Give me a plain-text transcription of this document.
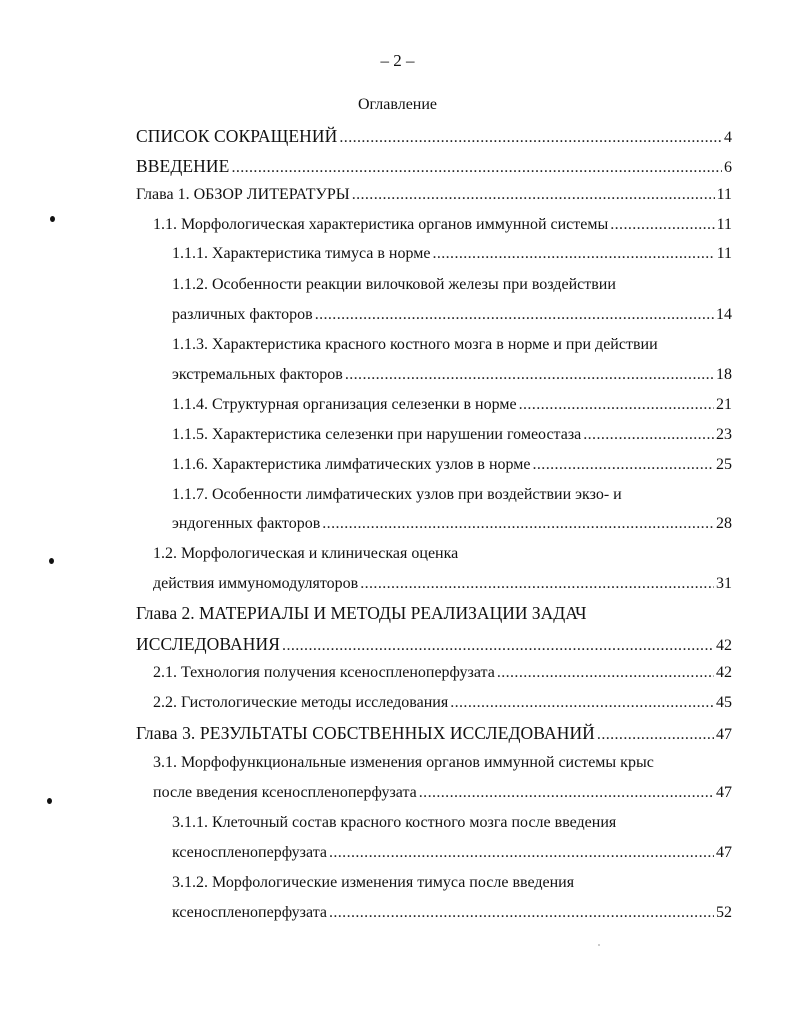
– 2 –
Оглавление
СПИСОК СОКРАЩЕНИЙ .....	4
ВВЕДЕНИЕ .....	6
Глава 1. ОБЗОР ЛИТЕРАТУРЫ .....	11
1.1. Морфологическая характеристика органов иммунной системы .....	11
1.1.1. Характеристика тимуса в норме .....	11
1.1.2. Особенности реакции вилочковой железы при воздействии
различных факторов .....	14
1.1.3. Характеристика красного костного мозга в норме и при действии
экстремальных факторов .....	18
1.1.4. Структурная организация селезенки в норме .....	21
1.1.5. Характеристика селезенки при нарушении гомеостаза .....	23
1.1.6. Характеристика лимфатических узлов в норме .....	25
1.1.7. Особенности лимфатических узлов при воздействии экзо- и
эндогенных факторов .....	28
1.2. Морфологическая и клиническая оценка
действия иммуномодуляторов .....	31
Глава 2. МАТЕРИАЛЫ И МЕТОДЫ РЕАЛИЗАЦИИ ЗАДАЧ
ИССЛЕДОВАНИЯ .....	42
2.1. Технология получения ксеноспленоперфузата .....	42
2.2. Гистологические методы исследования .....	45
Глава 3. РЕЗУЛЬТАТЫ СОБСТВЕННЫХ ИССЛЕДОВАНИЙ .....	47
3.1. Морфофункциональные изменения органов иммунной системы крыс
после введения ксеноспленоперфузата .....	47
3.1.1. Клеточный состав красного костного мозга после введения
ксеноспленоперфузата .....	47
3.1.2. Морфологические изменения тимуса после введения
ксеноспленоперфузата .....	52
